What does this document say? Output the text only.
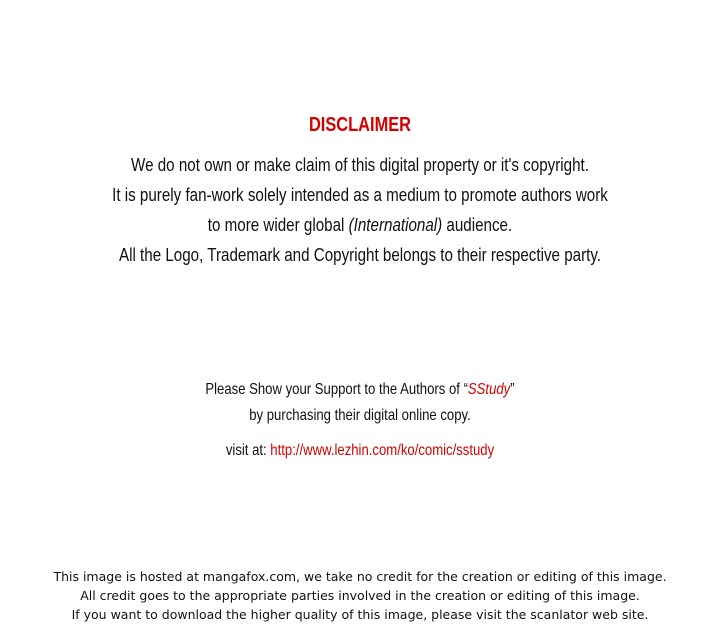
DISCLAIMER
We do not own or make claim of this digital property or it's copyright.
It is purely fan-work solely intended as a medium to promote authors work
to more wider global (International) audience.
All the Logo, Trademark and Copyright belongs to their respective party.
Please Show your Support to the Authors of “SStudy”
by purchasing their digital online copy.
visit at: http://www.lezhin.com/ko/comic/sstudy
This image is hosted at mangafox.com, we take no credit for the creation or editing of this image.
All credit goes to the appropriate parties involved in the creation or editing of this image.
If you want to download the higher quality of this image, please visit the scanlator web site.
